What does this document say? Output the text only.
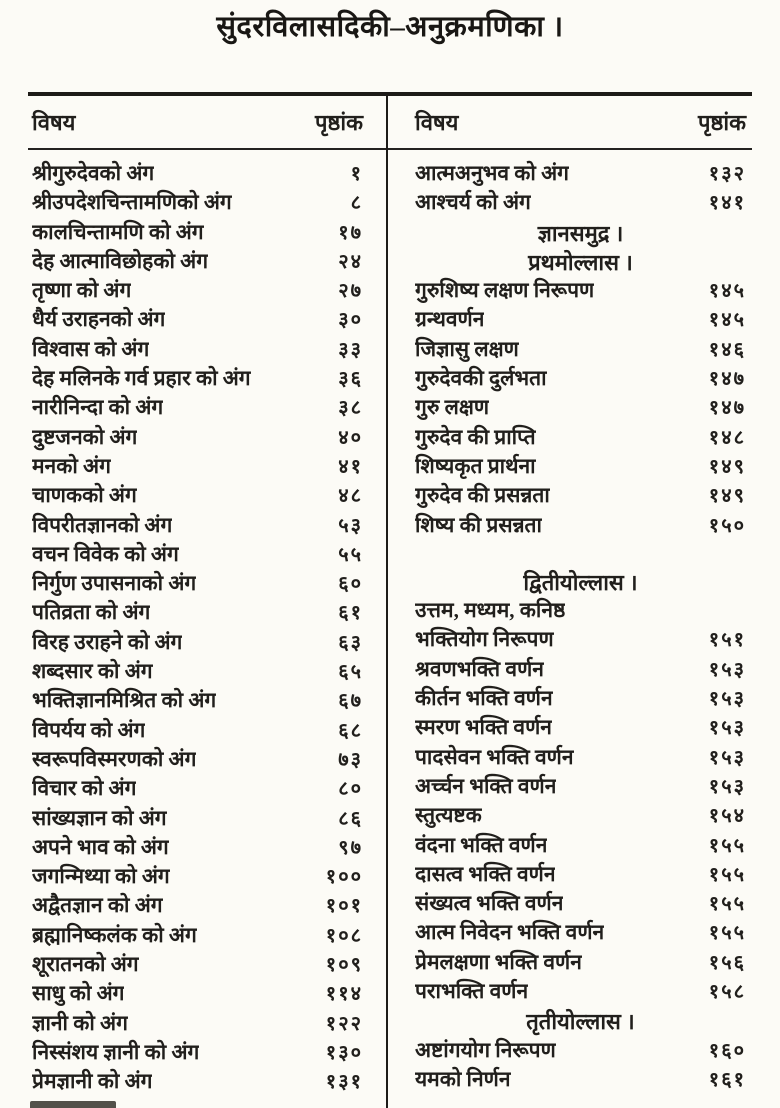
सुंदरविलासदिकी–अनुक्रमणिका ।
विषय	पृष्ठांक विषय	पृष्ठांक
श्रीगुरुदेवको अंग	१
श्रीउपदेशचिन्तामणिको अंग	८
कालचिन्तामणि को अंग	१७
देह आत्माविछोहको अंग	२४
तृष्णा को अंग	२७
धैर्य उराहनको अंग	३०
विश्वास को अंग	३३
देह मलिनके गर्व प्रहार को अंग	३६
नारीनिन्दा को अंग	३८
दुष्टजनको अंग	४०
मनको अंग	४१
चाणकको अंग	४८
विपरीतज्ञानको अंग	५३
वचन विवेक को अंग	५५
निर्गुण उपासनाको अंग	६०
पतिव्रता को अंग	६१
विरह उराहने को अंग	६३
शब्दसार को अंग	६५
भक्तिज्ञानमिश्रित को अंग	६७
विपर्यय को अंग	६८
स्वरूपविस्मरणको अंग	७३
विचार को अंग	८०
सांख्यज्ञान को अंग	८६
अपने भाव को अंग	९७
जगन्मिथ्या को अंग	१००
अद्वैतज्ञान को अंग	१०१
ब्रह्मानिष्कलंक को अंग	१०८
शूरातनको अंग	१०९
साधु को अंग	११४
ज्ञानी को अंग	१२२
निस्संशय ज्ञानी को अंग	१३०
प्रेमज्ञानी को अंग	१३१
आत्मअनुभव को अंग	१३२
आश्चर्य को अंग	१४१
ज्ञानसमुद्र ।
प्रथमोल्लास ।
गुरुशिष्य लक्षण निरूपण	१४५
ग्रन्थवर्णन	१४५
जिज्ञासु लक्षण	१४६
गुरुदेवकी दुर्लभता	१४७
गुरु लक्षण	१४७
गुरुदेव की प्राप्ति	१४८
शिष्यकृत प्रार्थना	१४९
गुरुदेव की प्रसन्नता	१४९
शिष्य की प्रसन्नता	१५०
द्वितीयोल्लास ।
उत्तम, मध्यम, कनिष्ठ
भक्तियोग निरूपण	१५१
श्रवणभक्ति वर्णन	१५३
कीर्तन भक्ति वर्णन	१५३
स्मरण भक्ति वर्णन	१५३
पादसेवन भक्ति वर्णन	१५३
अर्च्चन भक्ति वर्णन	१५३
स्तुत्यष्टक	१५४
वंदना भक्ति वर्णन	१५५
दासत्व भक्ति वर्णन	१५५
संख्यत्व भक्ति वर्णन	१५५
आत्म निवेदन भक्ति वर्णन	१५५
प्रेमलक्षणा भक्ति वर्णन	१५६
पराभक्ति वर्णन	१५८
तृतीयोल्लास ।
अष्टांगयोग निरूपण	१६०
यमको निर्णन	१६१
